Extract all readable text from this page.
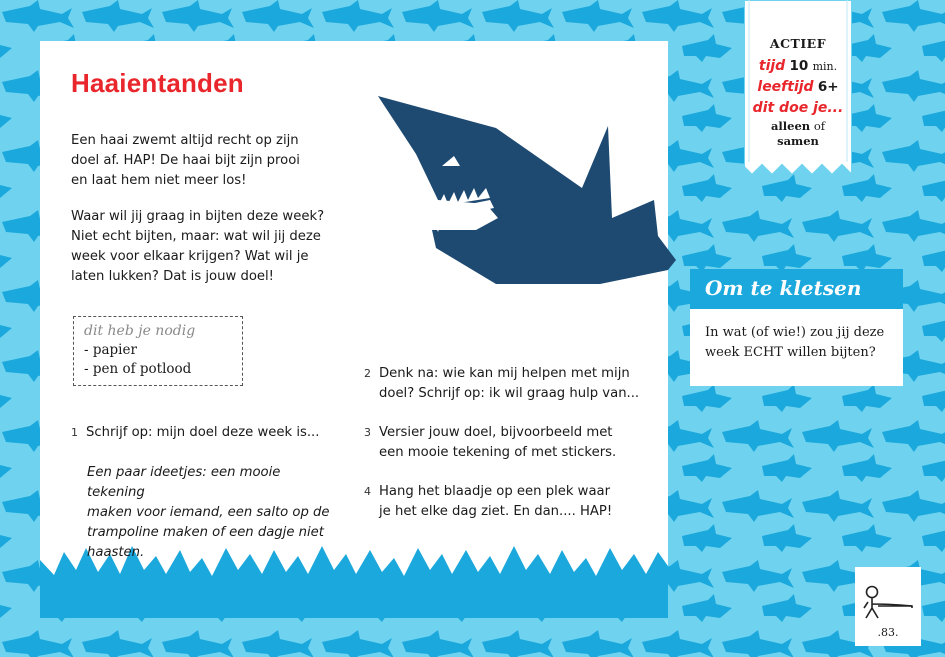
Haaientanden
Een haai zwemt altijd recht op zijn
doel af. HAP! De haai bijt zijn prooi
en laat hem niet meer los!
Waar wil jij graag in bijten deze week?
Niet echt bijten, maar: wat wil jij deze
week voor elkaar krijgen? Wat wil je
laten lukken? Dat is jouw doel!
dit heb je nodig
- papier
- pen of potlood
1 Schrijf op: mijn doel deze week is...
Een paar ideetjes: een mooie tekening
maken voor iemand, een salto op de
trampoline maken of een dagje niet
haasten.
2 Denk na: wie kan mij helpen met mijn
doel? Schrijf op: ik wil graag hulp van...
3 Versier jouw doel, bijvoorbeeld met
een mooie tekening of met stickers.
4 Hang het blaadje op een plek waar
je het elke dag ziet. En dan.... HAP!
ACTIEF
tijd 10 min.
leeftijd 6+
dit doe je...
alleen of
samen
Om te kletsen
In wat (of wie!) zou jij deze
week ECHT willen bijten?
.83.
